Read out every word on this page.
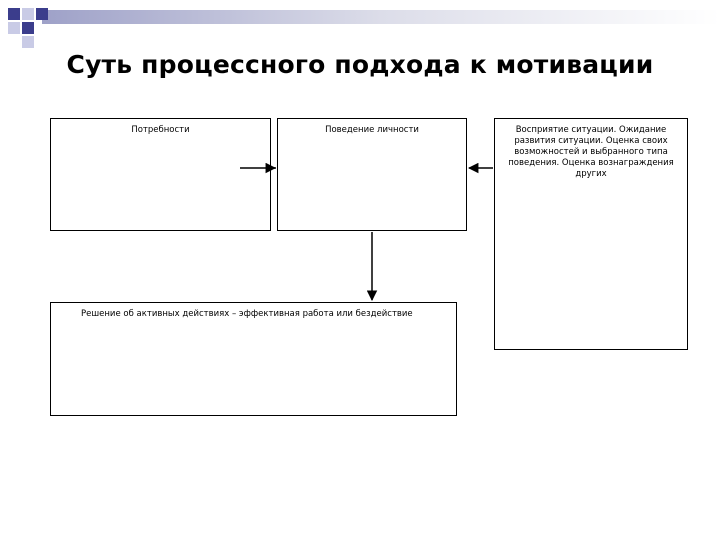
Суть процессного подхода к мотивации
Потребности	Поведение личности	Восприятие ситуации. Ожидание развития ситуации. Оценка своих возможностей и выбранного типа поведения. Оценка вознаграждения других
Решение об активных действиях – эффективная работа или бездействие
